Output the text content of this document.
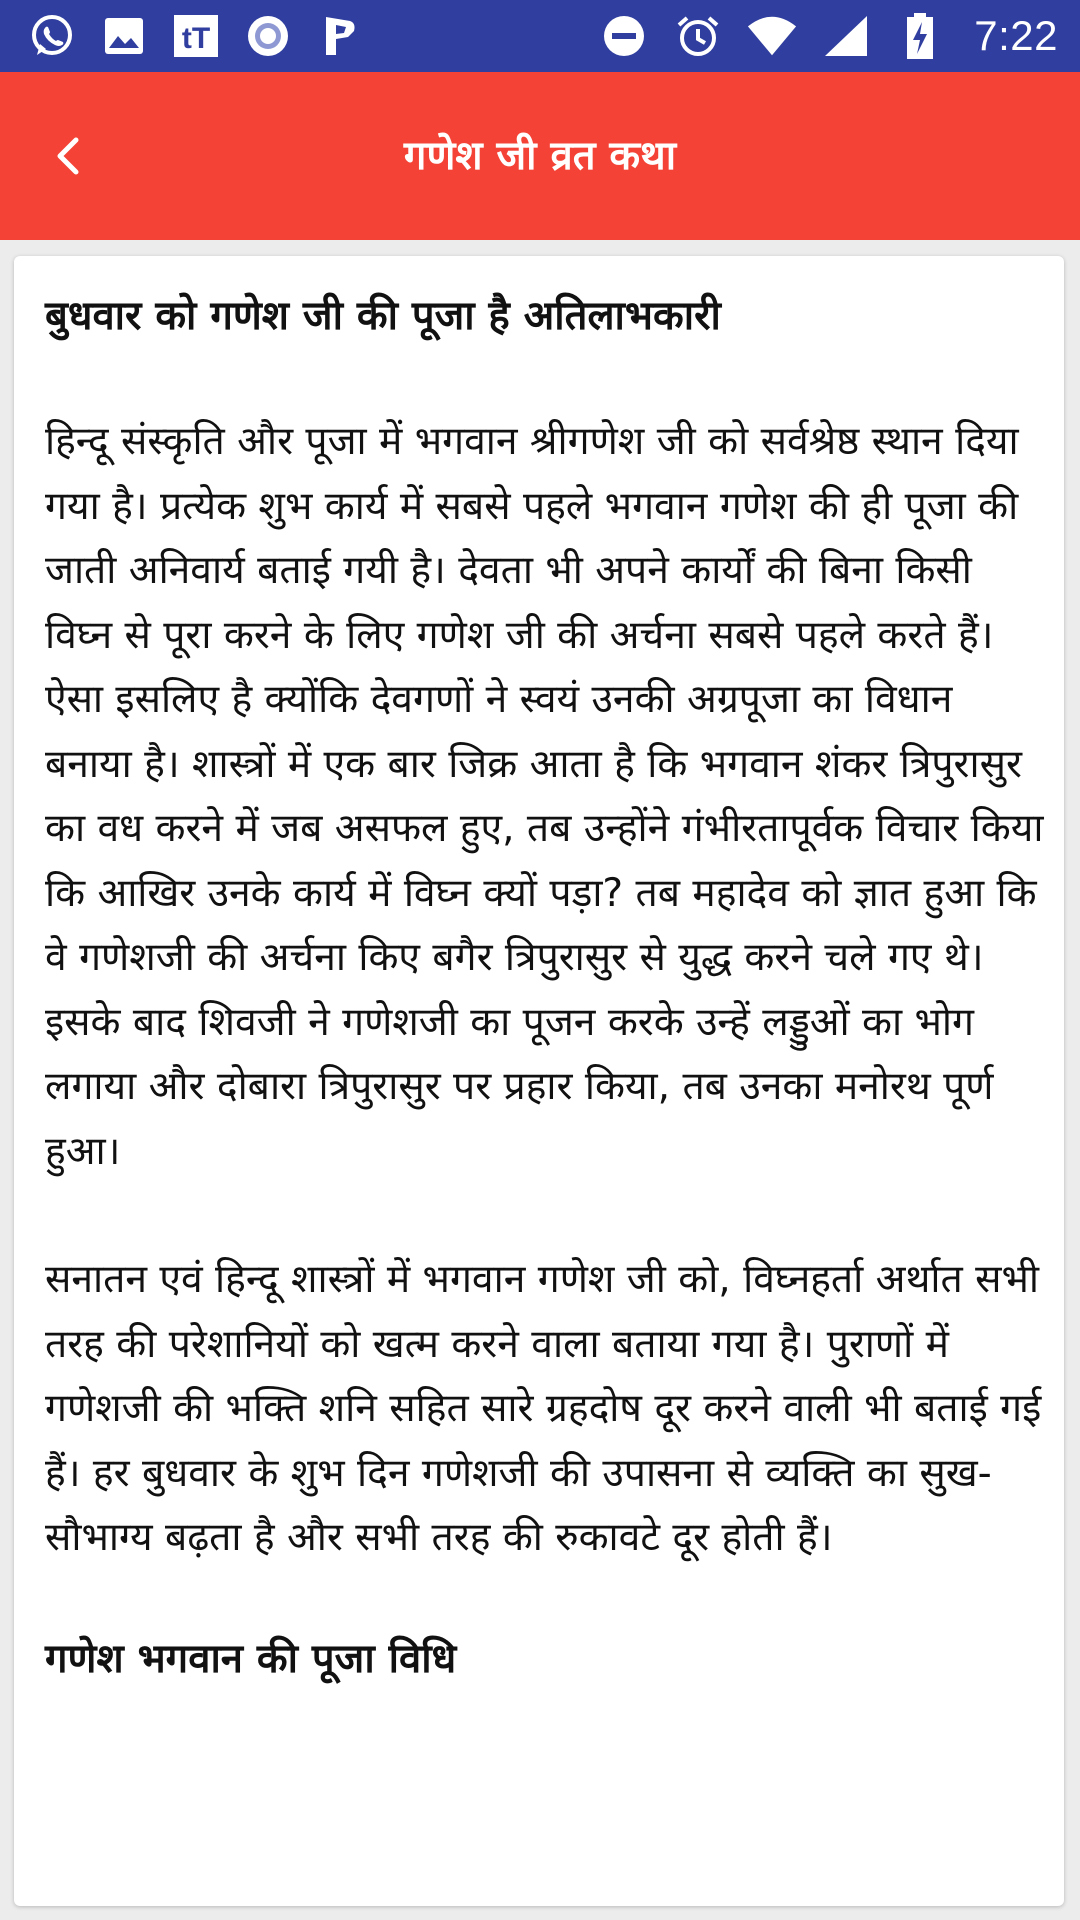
tT	7:22
गणेश जी व्रत कथा
बुधवार को गणेश जी की पूजा है अतिलाभकारी

हिन्दू संस्कृति और पूजा में भगवान श्रीगणेश जी को सर्वश्रेष्ठ स्थान दिया गया है। प्रत्येक शुभ कार्य में सबसे पहले भगवान गणेश की ही पूजा की जाती अनिवार्य बताई गयी है। देवता भी अपने कार्यों की बिना किसी विघ्न से पूरा करने के लिए गणेश जी की अर्चना सबसे पहले करते हैं। ऐसा इसलिए है क्योंकि देवगणों ने स्वयं उनकी अग्रपूजा का विधान बनाया है। शास्त्रों में एक बार जिक्र आता है कि भगवान शंकर त्रिपुरासुर का वध करने में जब असफल हुए, तब उन्होंने गंभीरतापूर्वक विचार किया कि आखिर उनके कार्य में विघ्न क्यों पड़ा? तब महादेव को ज्ञात हुआ कि वे गणेशजी की अर्चना किए बगैर त्रिपुरासुर से युद्ध करने चले गए थे। इसके बाद शिवजी ने गणेशजी का पूजन करके उन्हें लड्डुओं का भोग लगाया और दोबारा त्रिपुरासुर पर प्रहार किया, तब उनका मनोरथ पूर्ण हुआ।

सनातन एवं हिन्दू शास्त्रों में भगवान गणेश जी को, विघ्नहर्ता अर्थात सभी तरह की परेशानियों को खत्म करने वाला बताया गया है। पुराणों में गणेशजी की भक्ति शनि सहित सारे ग्रहदोष दूर करने वाली भी बताई गई हैं। हर बुधवार के शुभ दिन गणेशजी की उपासना से व्यक्ति का सुख-सौभाग्य बढ़ता है और सभी तरह की रुकावटे दूर होती हैं।

गणेश भगवान की पूजा विधि
